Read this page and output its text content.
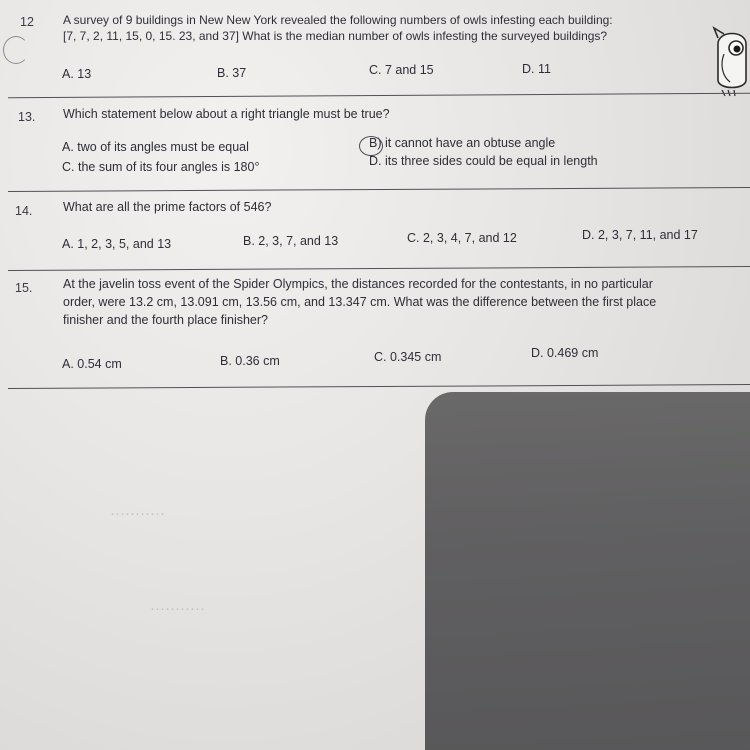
···········
···········
12 A survey of 9 buildings in New New York revealed the following numbers of owls infesting each building:
[7, 7, 2, 11, 15, 0, 15. 23, and 37] What is the median number of owls infesting the surveyed buildings?
A. 13	B. 37	C. 7 and 15	D. 11
13. Which statement below about a right triangle must be true?
A. two of its angles must be equal	B) it cannot have an obtuse angle
C. the sum of its four angles is 180°	D. its three sides could be equal in length
14. What are all the prime factors of 546?
A. 1, 2, 3, 5, and 13	B. 2, 3, 7, and 13	C. 2, 3, 4, 7, and 12	D. 2, 3, 7, 11, and 17
15. At the javelin toss event of the Spider Olympics, the distances recorded for the contestants, in no particular
order, were 13.2 cm, 13.091 cm, 13.56 cm, and 13.347 cm. What was the difference between the first place
finisher and the fourth place finisher?
A. 0.54 cm	B. 0.36 cm	C. 0.345 cm	D. 0.469 cm
